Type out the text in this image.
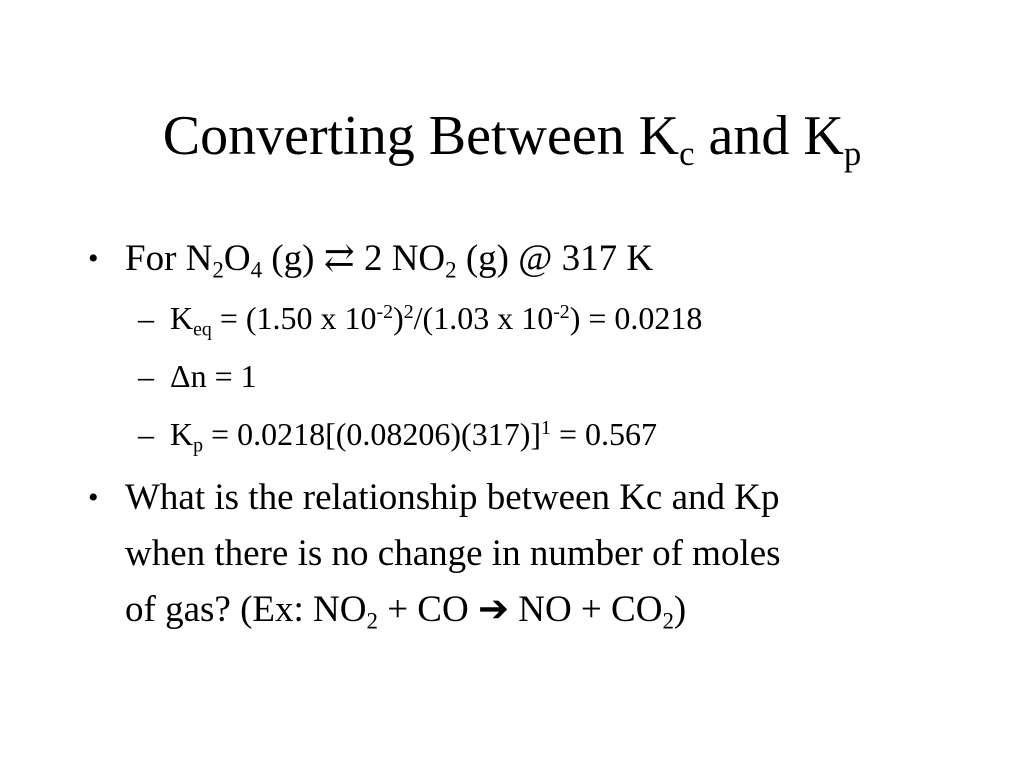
Converting Between $K_c$ and $K_p$
• For $N_2O_4$ (g) ⇄ 2 $NO_2$ (g) @ 317 K
– $K_{eq} = (1.50$ x $10^{-2})^2/(1.03$ x $10^{-2}) = 0.0218$
– Δn = 1
– $K_p = 0.0218[(0.08206)(317)]^1 = 0.567$
• What is the relationship between Kc and Kp
when there is no change in number of moles
of gas? (Ex: $NO_2$ + CO ➔ NO + $CO_2$)
